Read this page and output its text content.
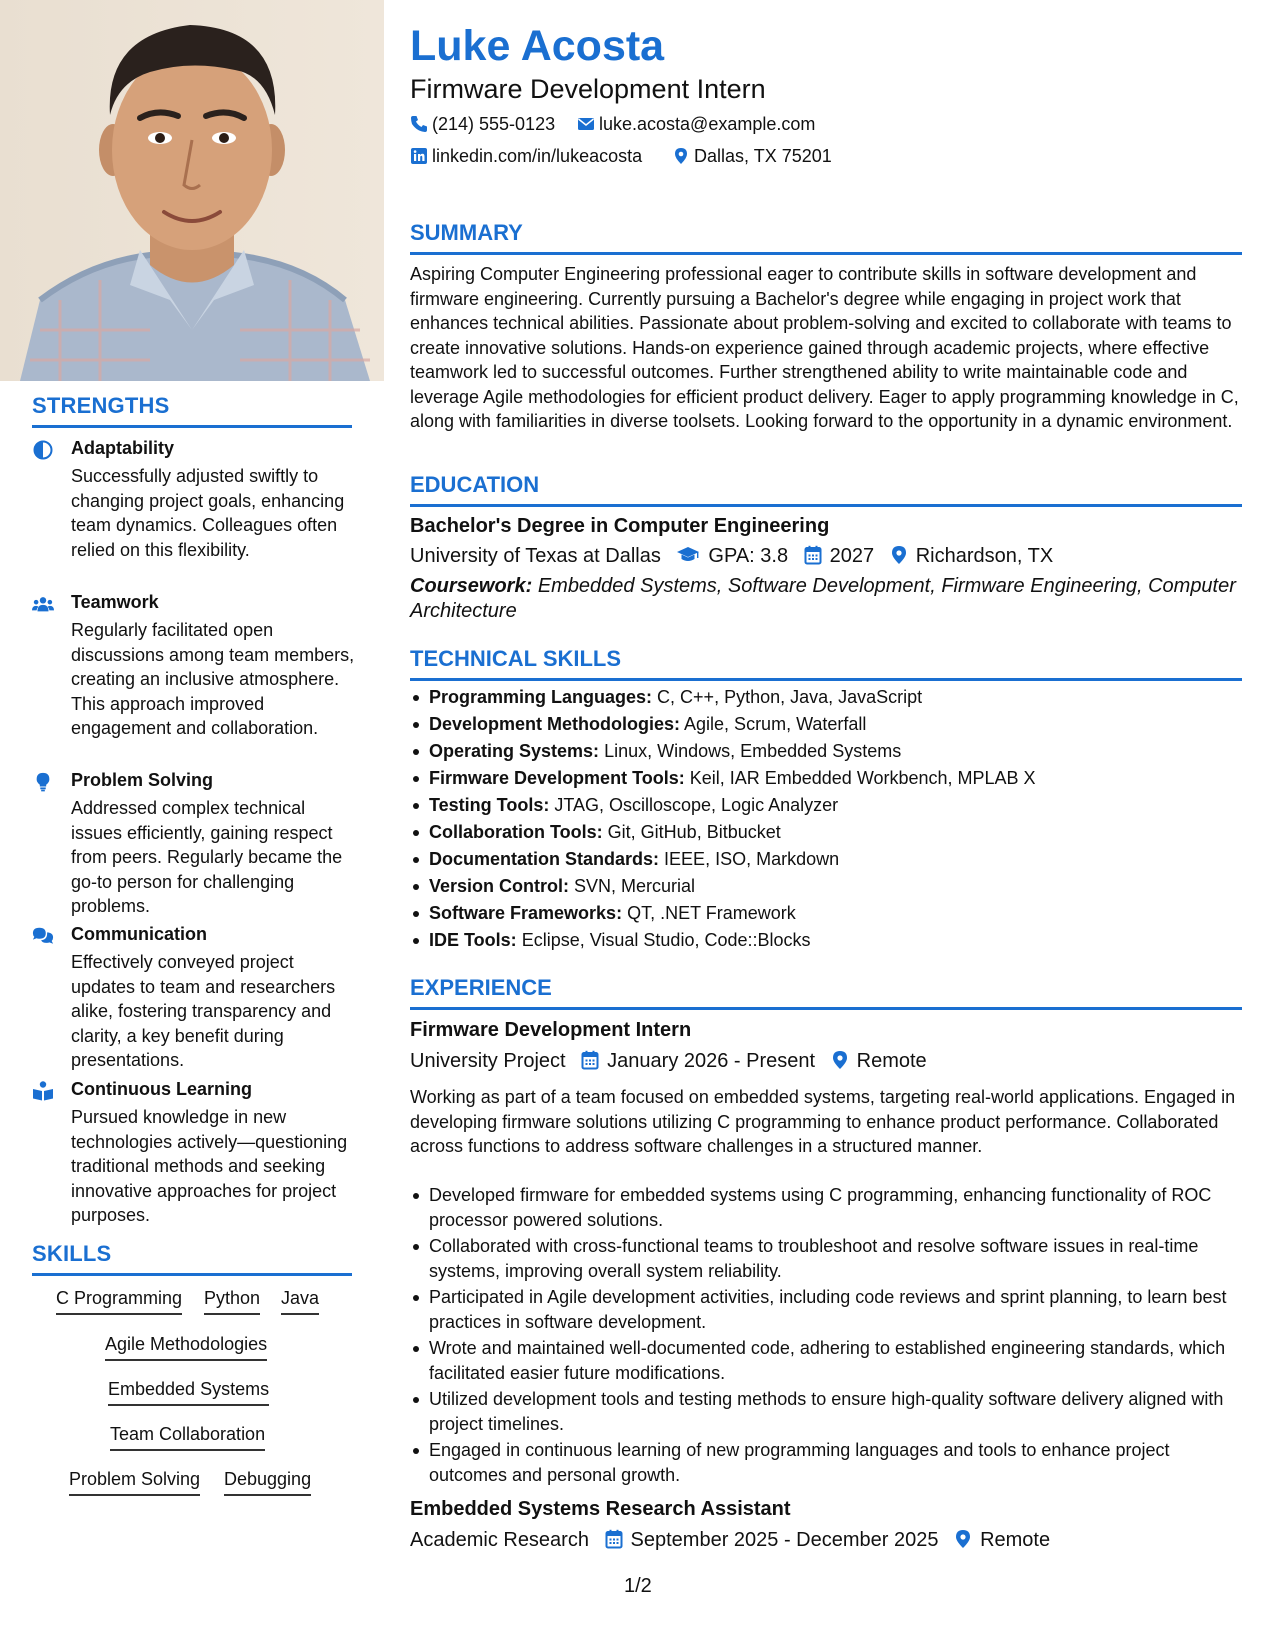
STRENGTHS
Adaptability
Successfully adjusted swiftly to changing project goals, enhancing team dynamics. Colleagues often relied on this flexibility.
Teamwork
Regularly facilitated open discussions among team members, creating an inclusive atmosphere. This approach improved engagement and collaboration.
Problem Solving
Addressed complex technical issues efficiently, gaining respect from peers. Regularly became the go-to person for challenging problems.
Communication
Effectively conveyed project updates to team and researchers alike, fostering transparency and clarity, a key benefit during presentations.
Continuous Learning
Pursued knowledge in new technologies actively—questioning traditional methods and seeking innovative approaches for project purposes.
SKILLS
C Programming Python Java
Agile Methodologies
Embedded Systems
Team Collaboration
Problem Solving Debugging
Luke Acosta
Firmware Development Intern
(214) 555-0123	luke.acosta@example.com
linkedin.com/in/lukeacosta	Dallas, TX 75201
SUMMARY
Aspiring Computer Engineering professional eager to contribute skills in software development and firmware engineering. Currently pursuing a Bachelor's degree while engaging in project work that enhances technical abilities. Passionate about problem-solving and excited to collaborate with teams to create innovative solutions. Hands-on experience gained through academic projects, where effective teamwork led to successful outcomes. Further strengthened ability to write maintainable code and leverage Agile methodologies for efficient product delivery. Eager to apply programming knowledge in C, along with familiarities in diverse toolsets. Looking forward to the opportunity in a dynamic environment.
EDUCATION
Bachelor's Degree in Computer Engineering
University of Texas at Dallas GPA: 3.8 2027 Richardson, TX
Coursework: Embedded Systems, Software Development, Firmware Engineering, Computer Architecture
TECHNICAL SKILLS
Programming Languages: C, C++, Python, Java, JavaScript
Development Methodologies: Agile, Scrum, Waterfall
Operating Systems: Linux, Windows, Embedded Systems
Firmware Development Tools: Keil, IAR Embedded Workbench, MPLAB X
Testing Tools: JTAG, Oscilloscope, Logic Analyzer
Collaboration Tools: Git, GitHub, Bitbucket
Documentation Standards: IEEE, ISO, Markdown
Version Control: SVN, Mercurial
Software Frameworks: QT, .NET Framework
IDE Tools: Eclipse, Visual Studio, Code::Blocks
EXPERIENCE
Firmware Development Intern
University Project January 2026 - Present Remote
Working as part of a team focused on embedded systems, targeting real-world applications. Engaged in developing firmware solutions utilizing C programming to enhance product performance. Collaborated across functions to address software challenges in a structured manner.
Developed firmware for embedded systems using C programming, enhancing functionality of ROC processor powered solutions.
Collaborated with cross-functional teams to troubleshoot and resolve software issues in real-time systems, improving overall system reliability.
Participated in Agile development activities, including code reviews and sprint planning, to learn best practices in software development.
Wrote and maintained well-documented code, adhering to established engineering standards, which facilitated easier future modifications.
Utilized development tools and testing methods to ensure high-quality software delivery aligned with project timelines.
Engaged in continuous learning of new programming languages and tools to enhance project outcomes and personal growth.
Embedded Systems Research Assistant
Academic Research September 2025 - December 2025 Remote
1/2
